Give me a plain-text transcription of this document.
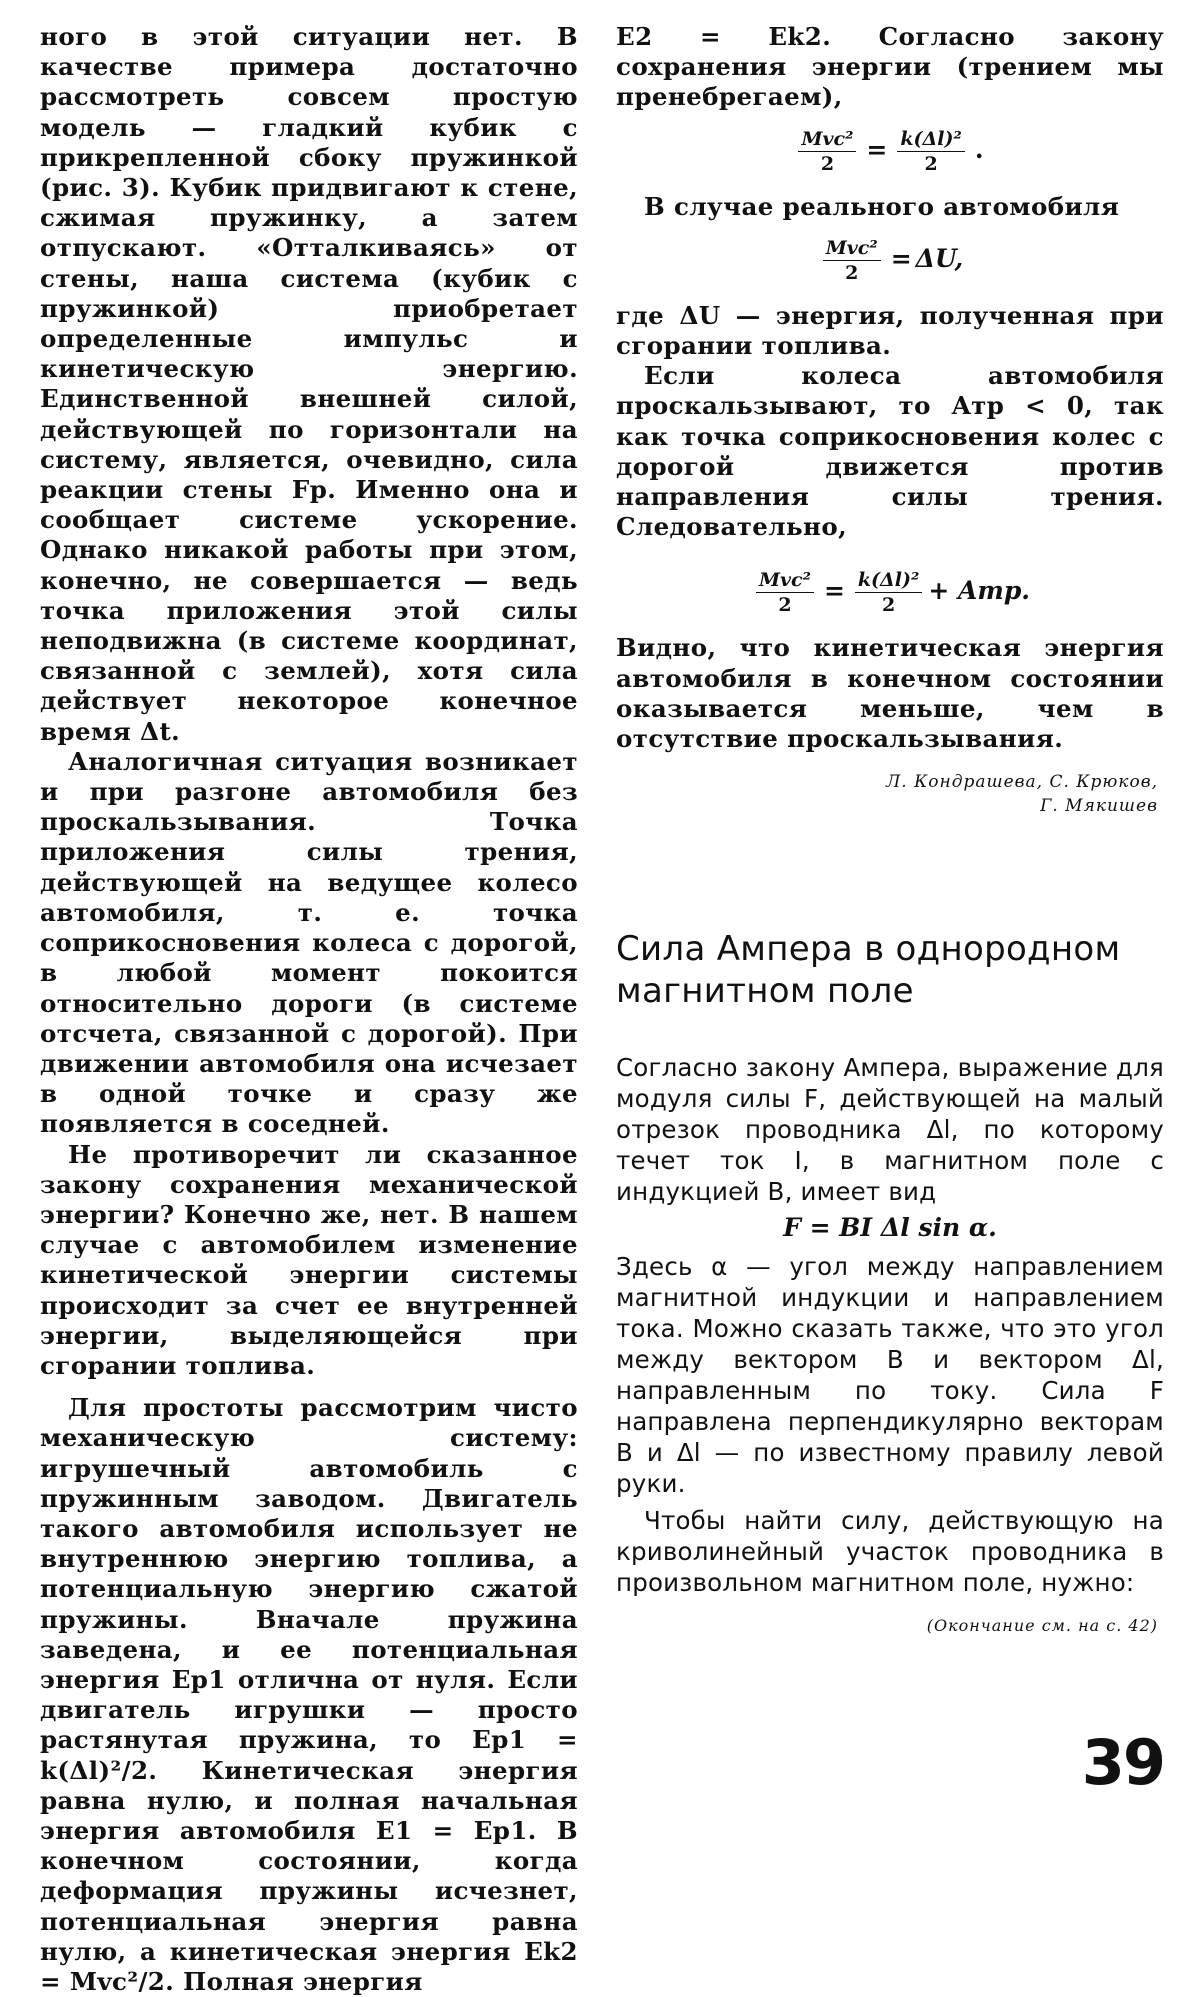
ного в этой ситуации нет. В качестве примера достаточно рассмотреть совсем простую модель — гладкий кубик с прикрепленной сбоку пружинкой (рис. 3). Кубик придвигают к стене, сжимая пружинку, а затем отпускают. «Отталкиваясь» от стены, наша система (кубик с пружинкой) приобретает определенные импульс и кинетическую энергию. Единственной внешней силой, действующей по горизонтали на систему, является, очевидно, сила реакции стены Fр. Именно она и сообщает системе ускорение. Однако никакой работы при этом, конечно, не совершается — ведь точка приложения этой силы неподвижна (в системе координат, связанной с землей), хотя сила действует некоторое конечное время Δt.

Аналогичная ситуация возникает и при разгоне автомобиля без проскальзывания. Точка приложения силы трения, действующей на ведущее колесо автомобиля, т. е. точка соприкосновения колеса с дорогой, в любой момент покоится относительно дороги (в системе отсчета, связанной с дорогой). При движении автомобиля она исчезает в одной точке и сразу же появляется в соседней.

Не противоречит ли сказанное закону сохранения механической энергии? Конечно же, нет. В нашем случае с автомобилем изменение кинетической энергии системы происходит за счет ее внутренней энергии, выделяющейся при сгорании топлива.

Для простоты рассмотрим чисто механическую систему: игрушечный автомобиль с пружинным заводом. Двигатель такого автомобиля использует не внутреннюю энергию топлива, а потенциальную энергию сжатой пружины. Вначале пружина заведена, и ее потенциальная энергия Ep1 отлична от нуля. Если двигатель игрушки — просто растянутая пружина, то Ep1 = k(Δl)²/2. Кинетическая энергия равна нулю, и полная начальная энергия автомобиля E1 = Ep1. В конечном состоянии, когда деформация пружины исчезнет, потенциальная энергия равна нулю, а кинетическая энергия Ek2 = Mvc²/2. Полная энергия

E2 = Ek2. Согласно закону сохранения энергии (трением мы пренебрегаем),

$\frac{\text{Mvc²}}{2} = \frac{\text{k(Δl)²}}{2}$ .

В случае реального автомобиля

$\frac{\text{Mvc²}}{2} = \Delta U$,

где ΔU — энергия, полученная при сгорании топлива.

Если колеса автомобиля проскальзывают, то Aтр < 0, так как точка соприкосновения колес с дорогой движется против направления силы трения. Следовательно,

$\frac{\text{Mvc²}}{2} = \frac{\text{k(Δl)²}}{2}$ + Aтр.

Видно, что кинетическая энергия автомобиля в конечном состоянии оказывается меньше, чем в отсутствие проскальзывания.

Л. Кондрашева, С. Крюков,
Г. Мякишев
Сила Ампера в однородном магнитном поле

Согласно закону Ампера, выражение для модуля силы F, действующей на малый отрезок проводника Δl, по которому течет ток I, в магнитном поле с индукцией B, имеет вид

F = BI Δl sin α.

Здесь α — угол между направлением магнитной индукции и направлением тока. Можно сказать также, что это угол между вектором B и вектором Δl, направленным по току. Сила F направлена перпендикулярно векторам B и Δl — по известному правилу левой руки.

Чтобы найти силу, действующую на криволинейный участок проводника в произвольном магнитном поле, нужно:

(Окончание см. на с. 42)
39
